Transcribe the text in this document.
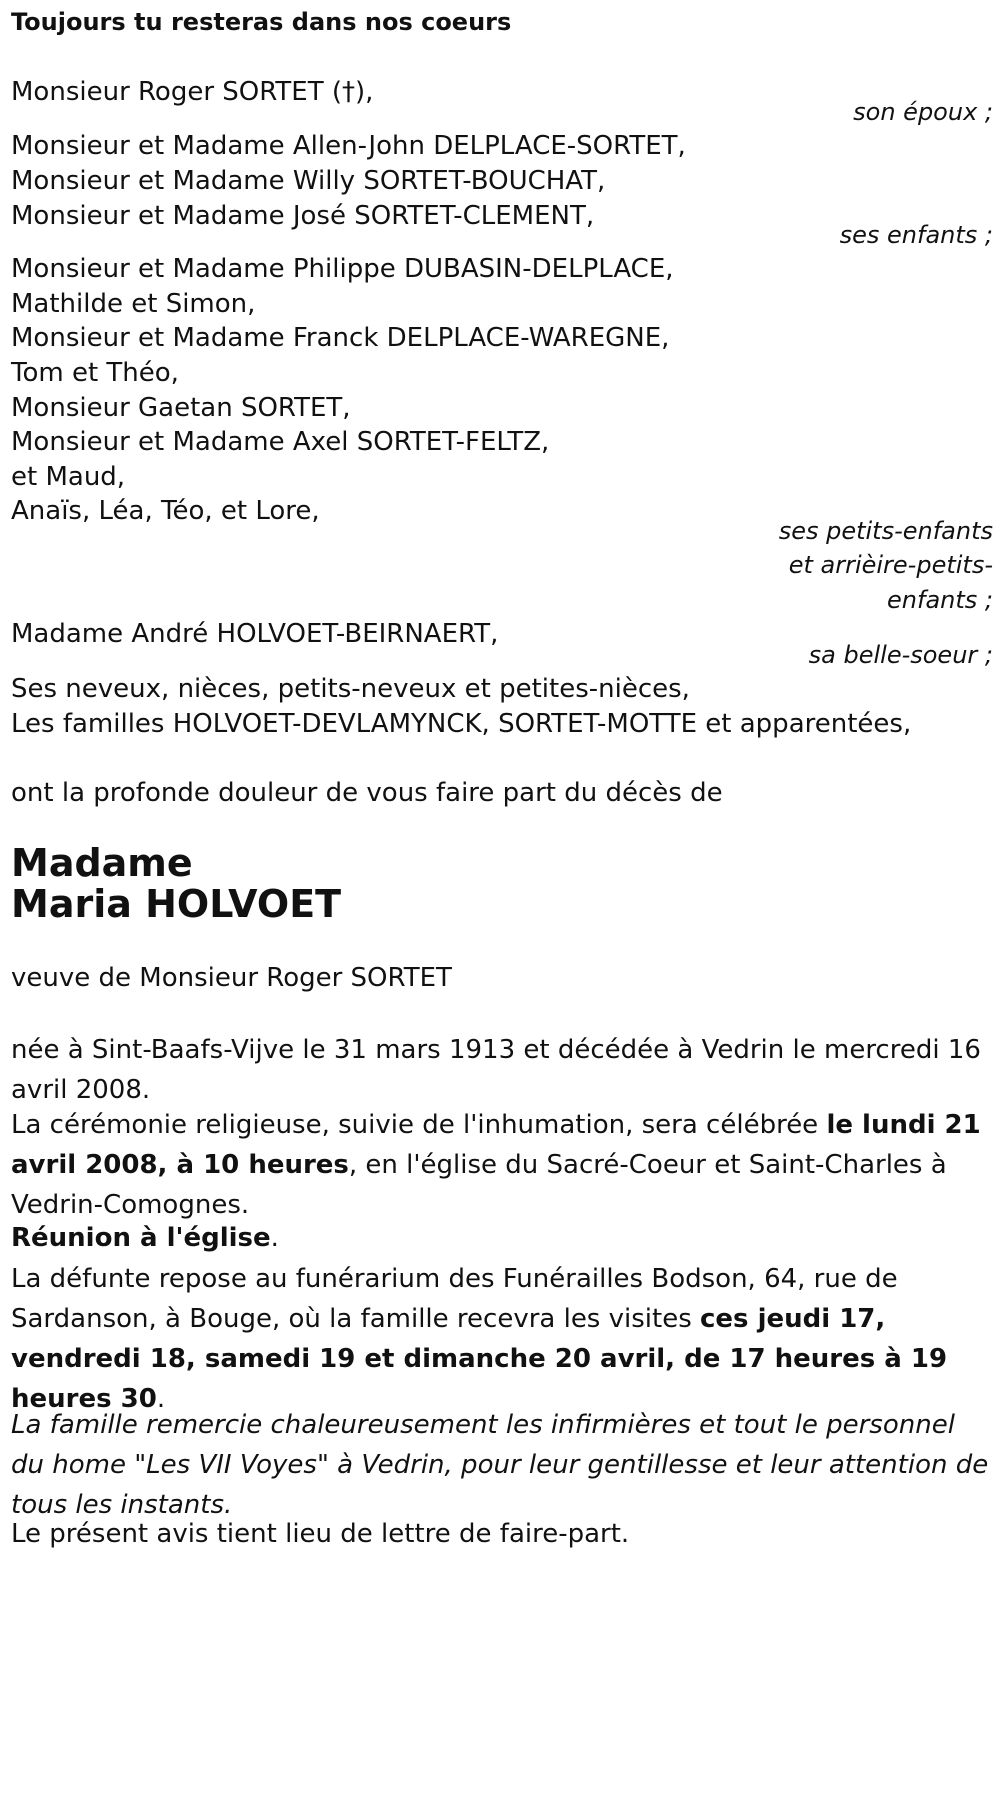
Toujours tu resteras dans nos coeurs
Monsieur Roger SORTET (†),
son époux ;
Monsieur et Madame Allen-John DELPLACE-SORTET,
Monsieur et Madame Willy SORTET-BOUCHAT,
Monsieur et Madame José SORTET-CLEMENT,
ses enfants ;
Monsieur et Madame Philippe DUBASIN-DELPLACE,
Mathilde et Simon,
Monsieur et Madame Franck DELPLACE-WAREGNE,
Tom et Théo,
Monsieur Gaetan SORTET,
Monsieur et Madame Axel SORTET-FELTZ,
et Maud,
Anaïs, Léa, Téo, et Lore,
ses petits-enfants
et arrièire-petits-
enfants ;
Madame André HOLVOET-BEIRNAERT,
sa belle-soeur ;
Ses neveux, nièces, petits-neveux et petites-nièces,
Les familles HOLVOET-DEVLAMYNCK, SORTET-MOTTE et apparentées,
ont la profonde douleur de vous faire part du décès de
Madame
Maria HOLVOET
veuve de Monsieur Roger SORTET
née à Sint-Baafs-Vijve le 31 mars 1913 et décédée à Vedrin le mercredi 16 avril 2008.
La cérémonie religieuse, suivie de l'inhumation, sera célébrée le lundi 21 avril 2008, à 10 heures, en l'église du Sacré-Coeur et Saint-Charles à Vedrin-Comognes.
Réunion à l'église.
La défunte repose au funérarium des Funérailles Bodson, 64, rue de Sardanson, à Bouge, où la famille recevra les visites ces jeudi 17, vendredi 18, samedi 19 et dimanche 20 avril, de 17 heures à 19 heures 30.
La famille remercie chaleureusement les infirmières et tout le personnel du home "Les VII Voyes" à Vedrin, pour leur gentillesse et leur attention de tous les instants.
Le présent avis tient lieu de lettre de faire-part.
